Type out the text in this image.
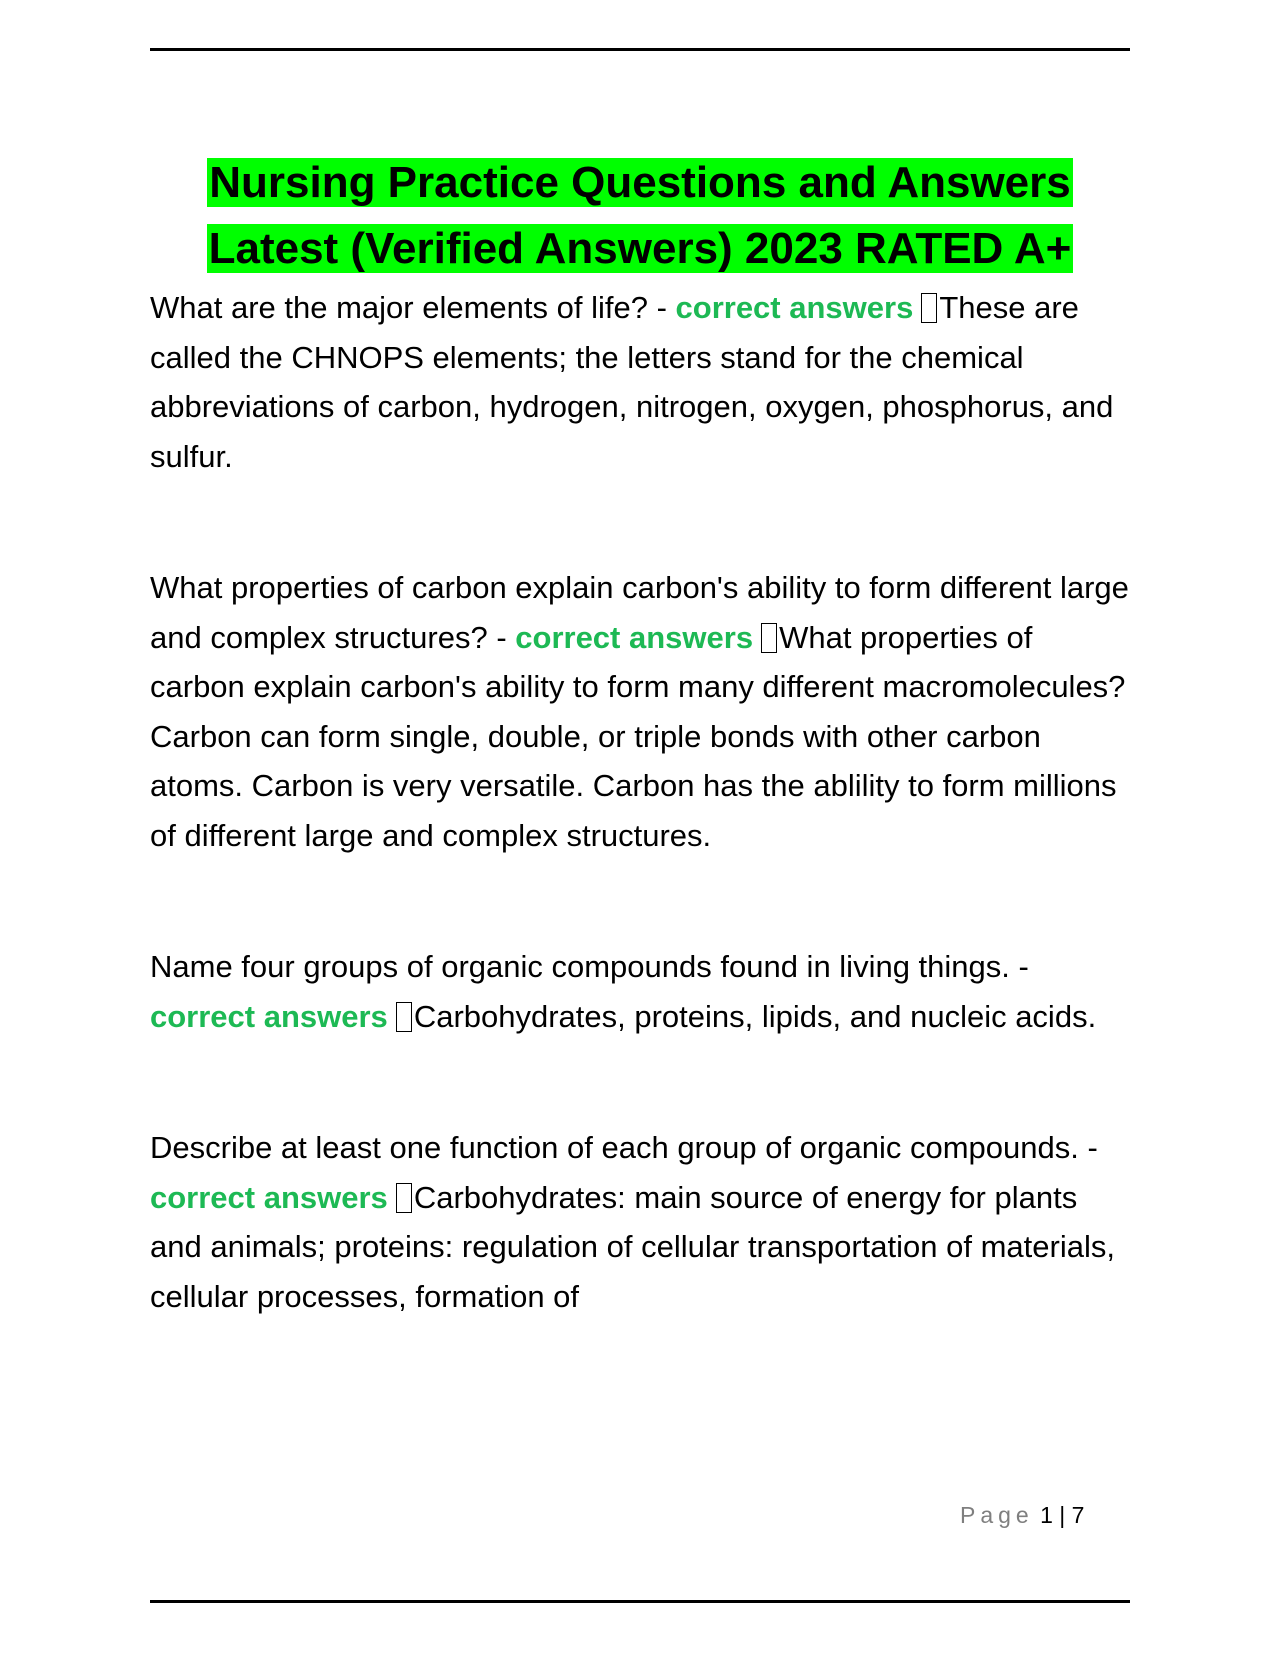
Nursing Practice Questions and Answers
Latest (Verified Answers) 2023 RATED A+

What are the major elements of life? - correct answers These are called the CHNOPS elements; the letters stand for the chemical abbreviations of carbon, hydrogen, nitrogen, oxygen, phosphorus, and sulfur.

What properties of carbon explain carbon's ability to form different large and complex structures? - correct answers What properties of carbon explain carbon's ability to form many different macromolecules? Carbon can form single, double, or triple bonds with other carbon atoms. Carbon is very versatile. Carbon has the ablility to form millions of different large and complex structures.

Name four groups of organic compounds found in living things. - correct answers Carbohydrates, proteins, lipids, and nucleic acids.

Describe at least one function of each group of organic compounds. - correct answers Carbohydrates: main source of energy for plants and animals; proteins: regulation of cellular transportation of materials, cellular processes, formation of

Page 1 | 7
